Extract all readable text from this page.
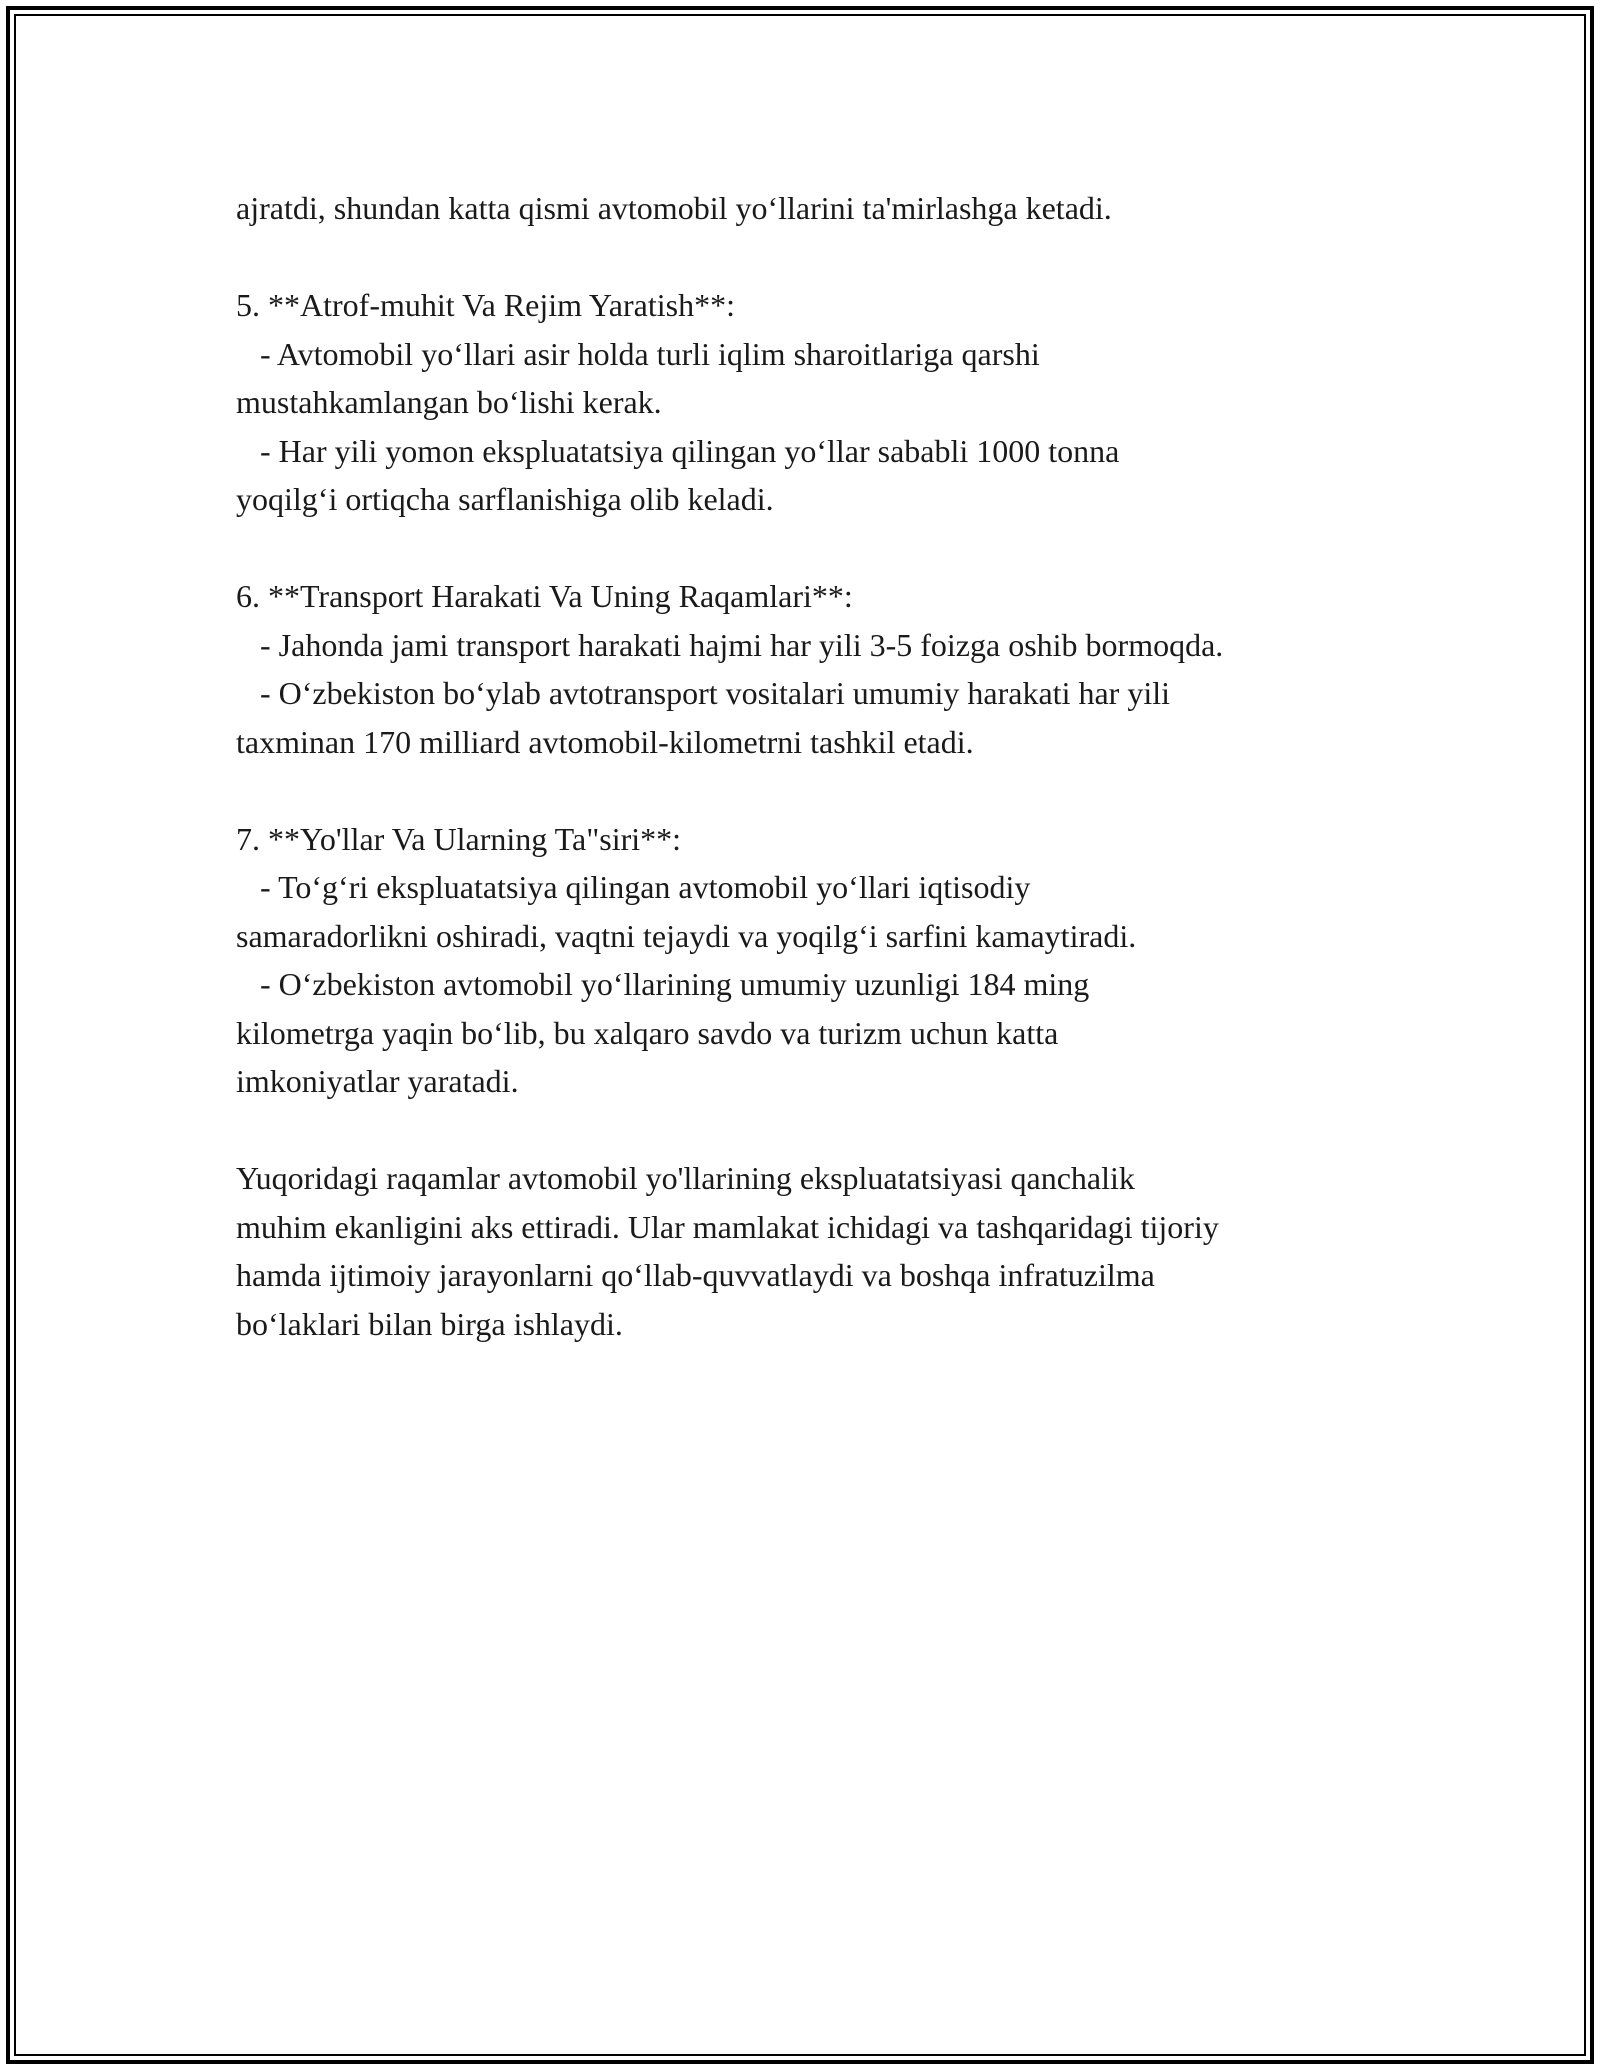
ajratdi, shundan katta qismi avtomobil yo‘llarini ta'mirlashga ketadi.
5. **Atrof-muhit Va Rejim Yaratish**:
- Avtomobil yo‘llari asir holda turli iqlim sharoitlariga qarshi
mustahkamlangan bo‘lishi kerak.
- Har yili yomon ekspluatatsiya qilingan yo‘llar sababli 1000 tonna
yoqilg‘i ortiqcha sarflanishiga olib keladi.
6. **Transport Harakati Va Uning Raqamlari**:
- Jahonda jami transport harakati hajmi har yili 3-5 foizga oshib bormoqda.
- O‘zbekiston bo‘ylab avtotransport vositalari umumiy harakati har yili
taxminan 170 milliard avtomobil-kilometrni tashkil etadi.
7. **Yo'llar Va Ularning Ta"siri**:
- To‘g‘ri ekspluatatsiya qilingan avtomobil yo‘llari iqtisodiy
samaradorlikni oshiradi, vaqtni tejaydi va yoqilg‘i sarfini kamaytiradi.
- O‘zbekiston avtomobil yo‘llarining umumiy uzunligi 184 ming
kilometrga yaqin bo‘lib, bu xalqaro savdo va turizm uchun katta
imkoniyatlar yaratadi.
Yuqoridagi raqamlar avtomobil yo'llarining ekspluatatsiyasi qanchalik
muhim ekanligini aks ettiradi. Ular mamlakat ichidagi va tashqaridagi tijoriy
hamda ijtimoiy jarayonlarni qo‘llab-quvvatlaydi va boshqa infratuzilma
bo‘laklari bilan birga ishlaydi.
